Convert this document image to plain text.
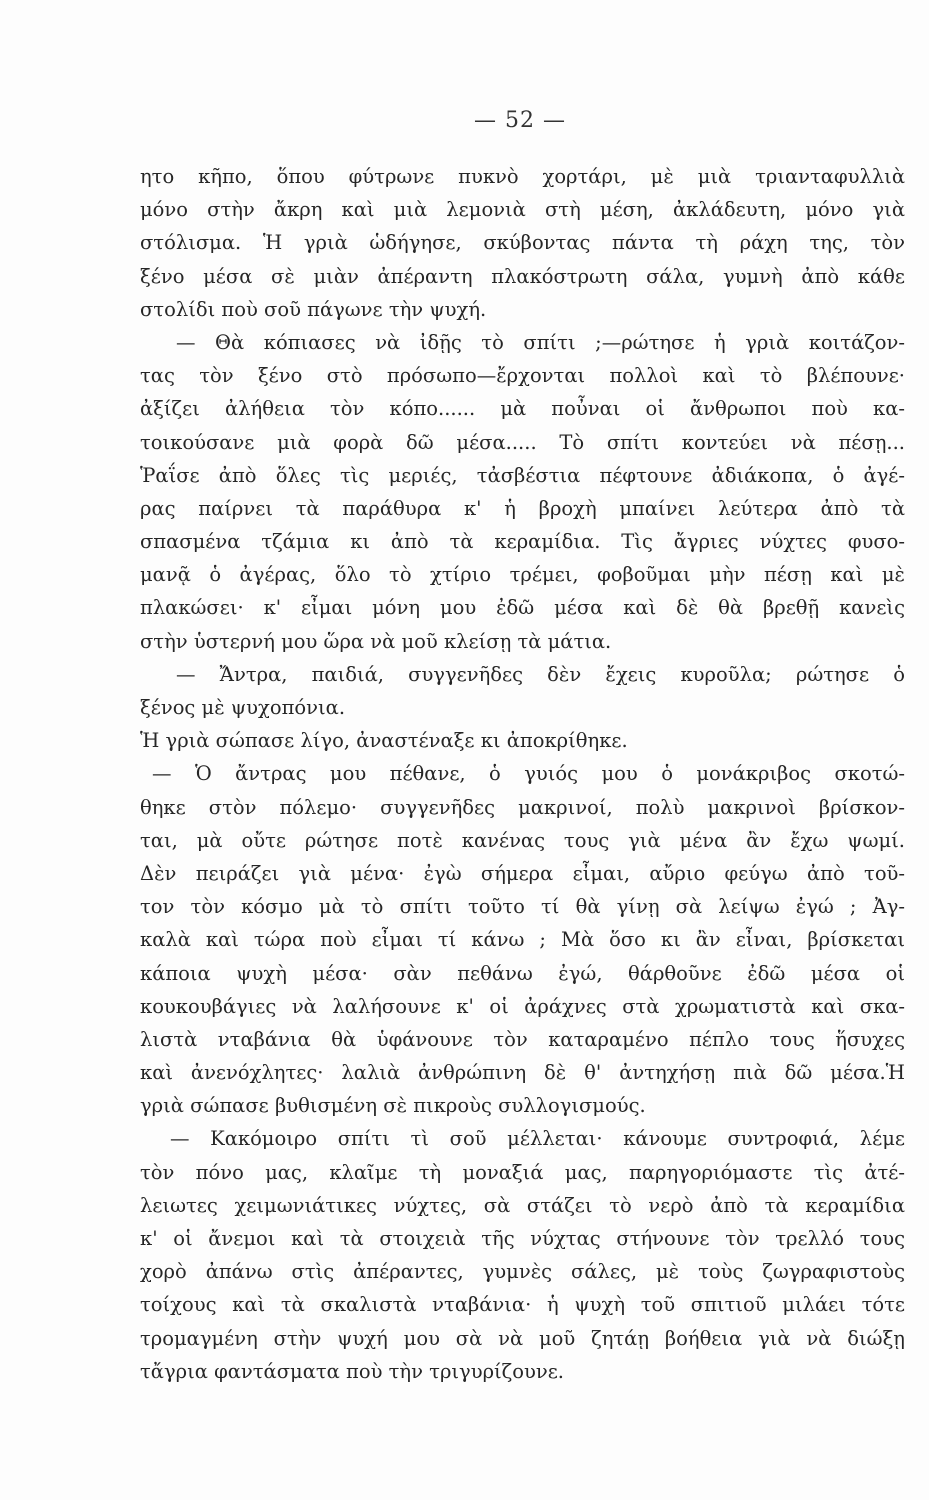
— 52 —
ητο κῆπο, ὅπου φύτρωνε πυκνὸ χορτάρι, μὲ μιὰ τριανταφυλλιὰ
μόνο στὴν ἄκρη καὶ μιὰ λεμονιὰ στὴ μέση, ἀκλάδευτη, μόνο γιὰ
στόλισμα. Ἡ γριὰ ὡδήγησε, σκύβοντας πάντα τὴ ράχη της, τὸν
ξένο μέσα σὲ μιὰν ἀπέραντη πλακόστρωτη σάλα, γυμνὴ ἀπὸ κάθε
στολίδι ποὺ σοῦ πάγωνε τὴν ψυχή.
— Θὰ κόπιασες νὰ ἰδῇς τὸ σπίτι ;—ρώτησε ἡ γριὰ κοιτάζον-
τας τὸν ξένο στὸ πρόσωπο—ἔρχονται πολλοὶ καὶ τὸ βλέπουνε·
ἀξίζει ἀλήθεια τὸν κόπο...... μὰ ποὖναι οἱ ἄνθρωποι ποὺ κα-
τοικούσανε μιὰ φορὰ δῶ μέσα..... Τὸ σπίτι κοντεύει νὰ πέσῃ...
Ῥαΐσε ἀπὸ ὅλες τὶς μεριές, τἀσβέστια πέφτουνε ἀδιάκοπα, ὁ ἀγέ-
ρας παίρνει τὰ παράθυρα κ' ἡ βροχὴ μπαίνει λεύτερα ἀπὸ τὰ
σπασμένα τζάμια κι ἀπὸ τὰ κεραμίδια. Τὶς ἄγριες νύχτες φυσο-
μανᾷ ὁ ἀγέρας, ὅλο τὸ χτίριο τρέμει, φοβοῦμαι μὴν πέσῃ καὶ μὲ
πλακώσει· κ' εἶμαι μόνη μου ἐδῶ μέσα καὶ δὲ θὰ βρεθῇ κανεὶς
στὴν ὑστερνή μου ὥρα νὰ μοῦ κλείσῃ τὰ μάτια.
— Ἄντρα, παιδιά, συγγενῆδες δὲν ἔχεις κυροῦλα; ρώτησε ὁ
ξένος μὲ ψυχοπόνια.
Ἡ γριὰ σώπασε λίγο, ἀναστέναξε κι ἀποκρίθηκε.
— Ὁ ἄντρας μου πέθανε, ὁ γυιός μου ὁ μονάκριβος σκοτώ-
θηκε στὸν πόλεμο· συγγενῆδες μακρινοί, πολὺ μακρινοὶ βρίσκον-
ται, μὰ οὔτε ρώτησε ποτὲ κανένας τους γιὰ μένα ἂν ἔχω ψωμί.
Δὲν πειράζει γιὰ μένα· ἐγὼ σήμερα εἶμαι, αὔριο φεύγω ἀπὸ τοῦ-
τον τὸν κόσμο μὰ τὸ σπίτι τοῦτο τί θὰ γίνῃ σὰ λείψω ἐγώ ; Ἀγ-
καλὰ καὶ τώρα ποὺ εἶμαι τί κάνω ; Μὰ ὅσο κι ἂν εἶναι, βρίσκεται
κάποια ψυχὴ μέσα· σὰν πεθάνω ἐγώ, θάρθοῦνε ἐδῶ μέσα οἱ
κουκουβάγιες νὰ λαλήσουνε κ' οἱ ἀράχνες στὰ χρωματιστὰ καὶ σκα-
λιστὰ νταβάνια θὰ ὑφάνουνε τὸν καταραμένο πέπλο τους ἥσυχες
καὶ ἀνενόχλητες· λαλιὰ ἀνθρώπινη δὲ θ' ἀντηχήσῃ πιὰ δῶ μέσα.Ἡ
γριὰ σώπασε βυθισμένη σὲ πικροὺς συλλογισμούς.
— Κακόμοιρο σπίτι τὶ σοῦ μέλλεται· κάνουμε συντροφιά, λέμε
τὸν πόνο μας, κλαῖμε τὴ μοναξιά μας, παρηγοριόμαστε τὶς ἀτέ-
λειωτες χειμωνιάτικες νύχτες, σὰ στάζει τὸ νερὸ ἀπὸ τὰ κεραμίδια
κ' οἱ ἄνεμοι καὶ τὰ στοιχειὰ τῆς νύχτας στήνουνε τὸν τρελλό τους
χορὸ ἀπάνω στὶς ἀπέραντες, γυμνὲς σάλες, μὲ τοὺς ζωγραφιστοὺς
τοίχους καὶ τὰ σκαλιστὰ νταβάνια· ἡ ψυχὴ τοῦ σπιτιοῦ μιλάει τότε
τρομαγμένη στὴν ψυχή μου σὰ νὰ μοῦ ζητάῃ βοήθεια γιὰ νὰ διώξῃ
τἄγρια φαντάσματα ποὺ τὴν τριγυρίζουνε.
